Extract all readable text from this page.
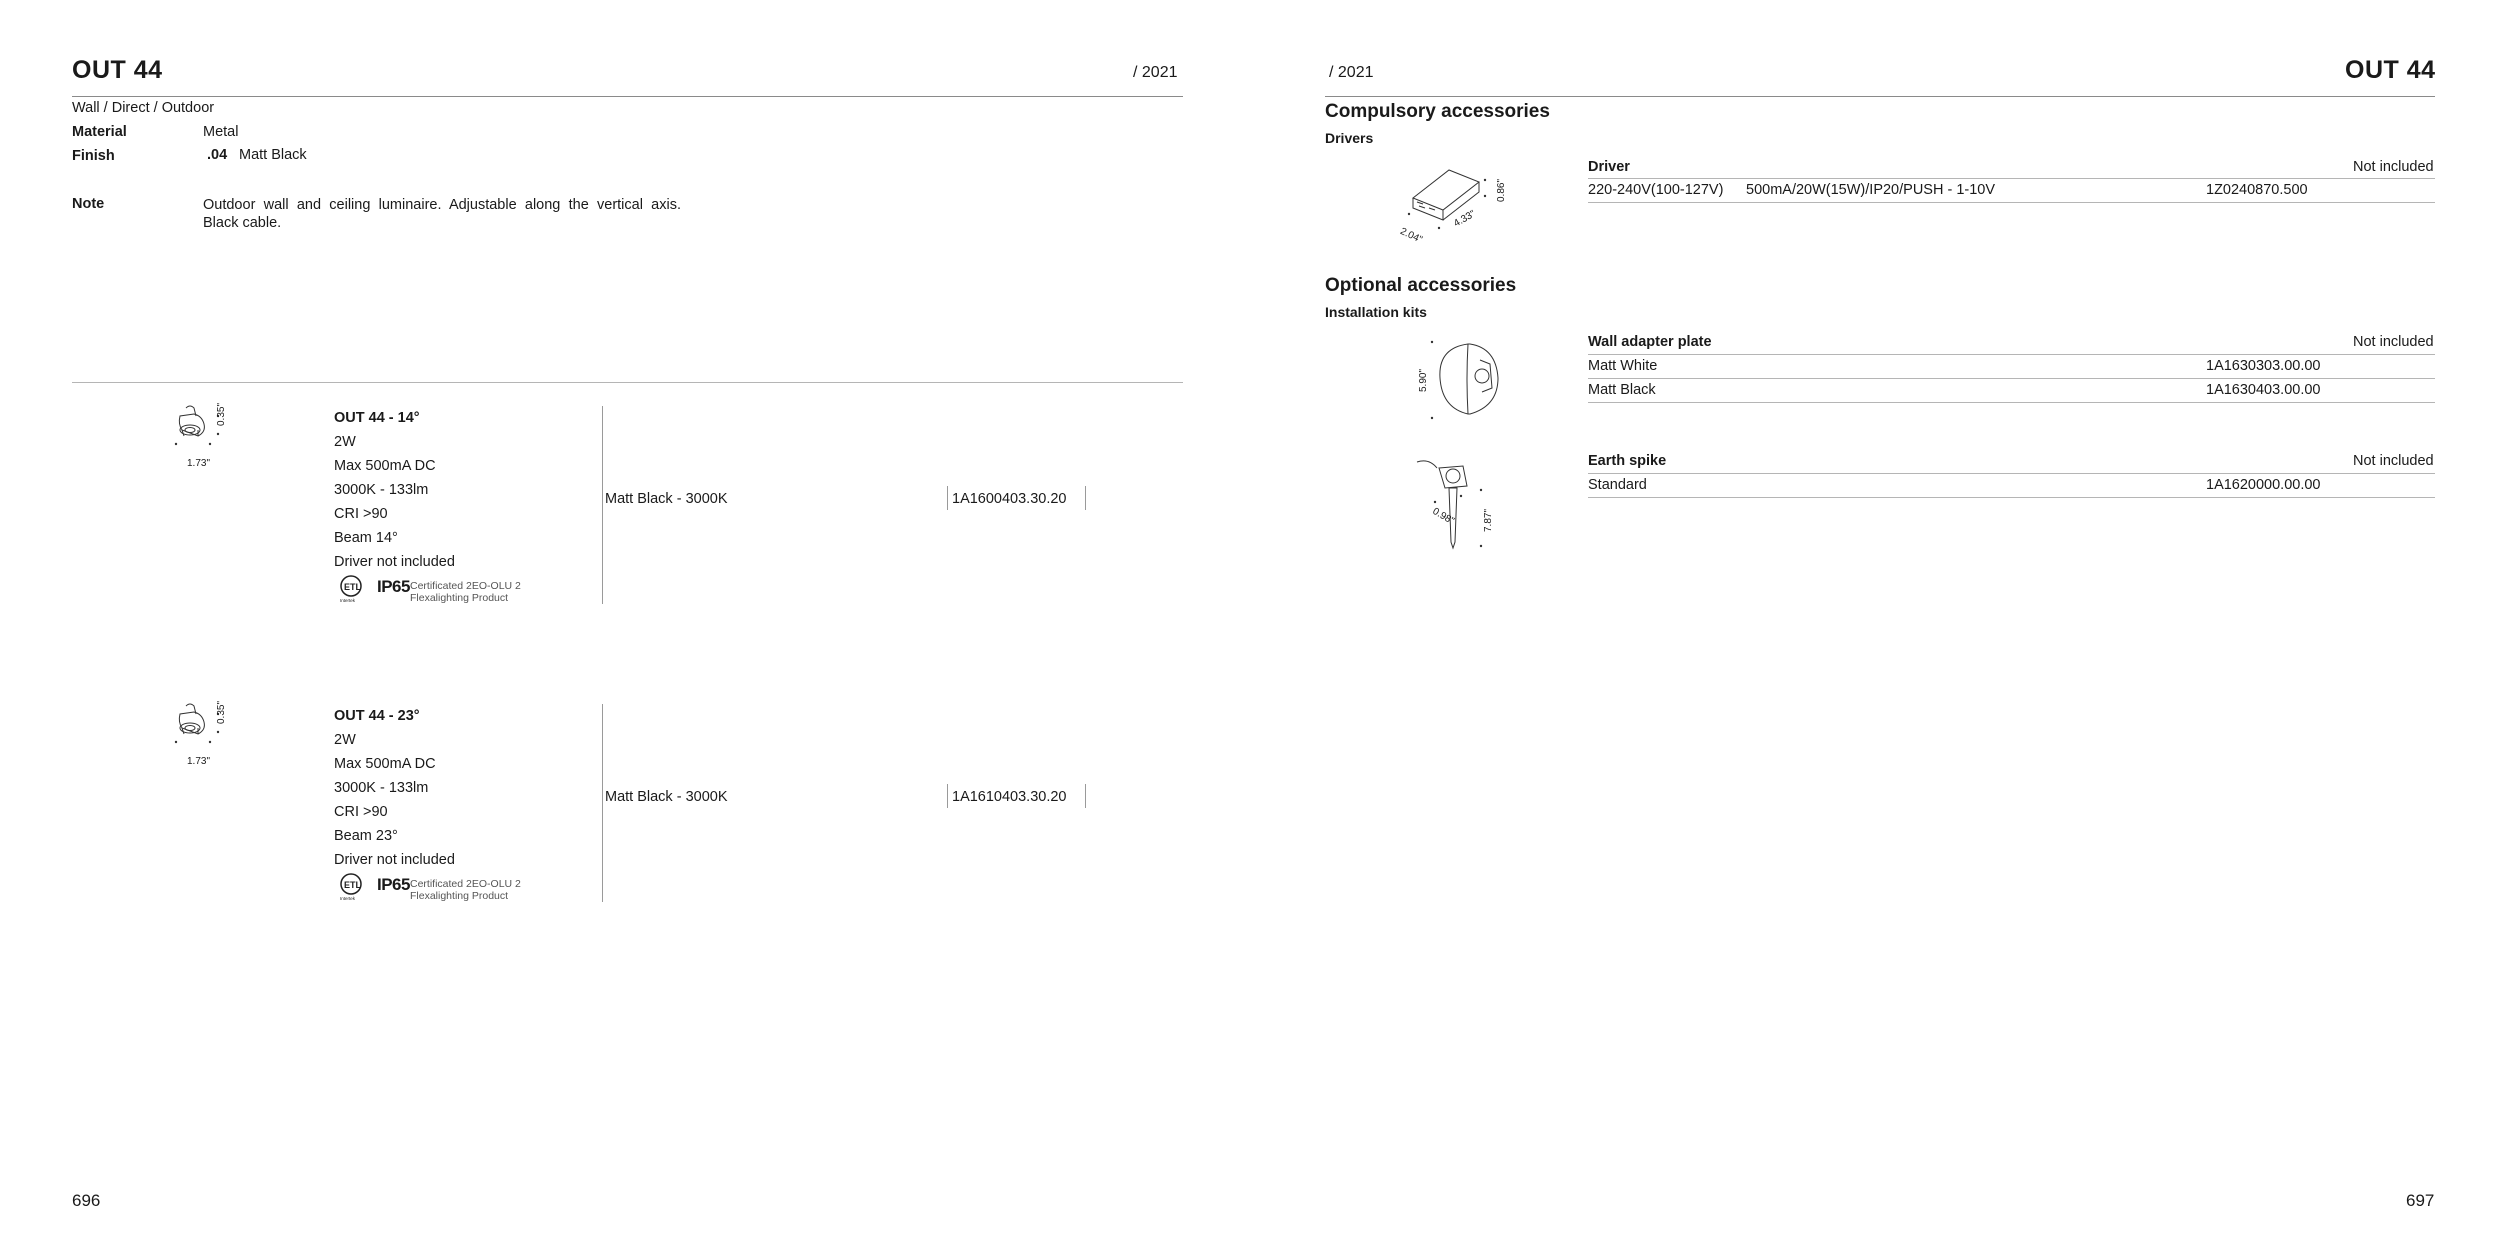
OUT 44	/ 2021
Wall / Direct / Outdoor
Material	Metal
Finish	.04 Matt Black
Note	Outdoor wall and ceiling luminaire. Adjustable along the vertical axis. Black cable.
1.73"
0.35"	OUT 44 - 14°
2W
Max 500mA DC
3000K - 133lm
CRI >90
Beam 14°
Driver not included
ETL
Intertek
IP65 Certificated 2EO-OLU 2
Flexalighting Product
Matt Black - 3000K	1A1600403.30.20
1.73"
0.35"	OUT 44 - 23°
2W
Max 500mA DC
3000K - 133lm
CRI >90
Beam 23°
Driver not included
ETL
Intertek
IP65 Certificated 2EO-OLU 2
Flexalighting Product
Matt Black - 3000K	1A1610403.30.20
696
/ 2021	OUT 44
Compulsory accessories
Drivers
2.04"
4.33"
0.86"
Driver	Not included
220-240V(100-127V) 500mA/20W(15W)/IP20/PUSH - 1-10V	1Z0240870.500
Optional accessories
Installation kits
5.90"
Wall adapter plate	Not included
Matt White	1A1630303.00.00
Matt Black	1A1630403.00.00
0.98"	7.87"
Earth spike	Not included
Standard	1A1620000.00.00
697
